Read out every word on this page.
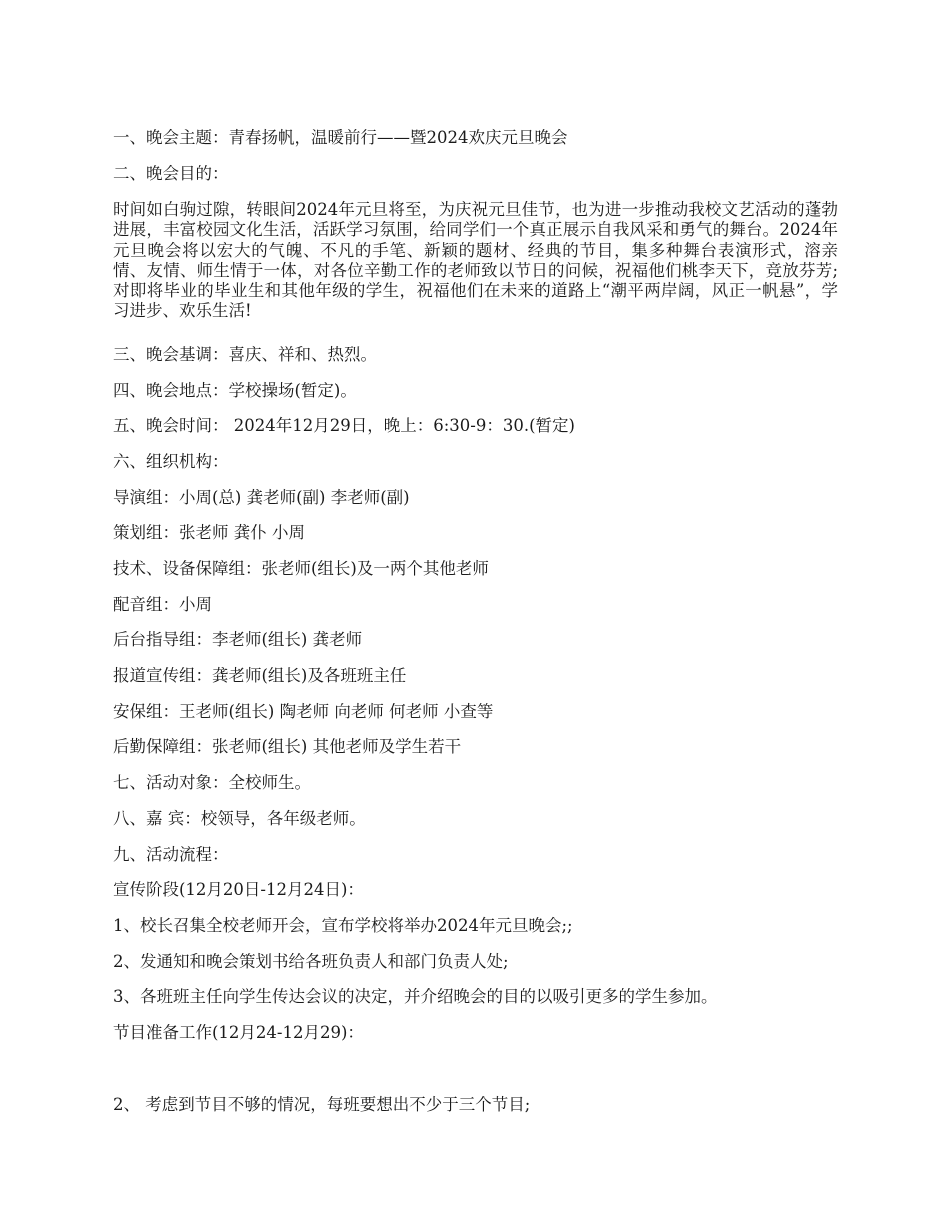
一、晚会主题：青春扬帆，温暖前行——暨2024欢庆元旦晚会
二、晚会目的：
时间如白驹过隙，转眼间2024年元旦将至，为庆祝元旦佳节，也为进一步推动我校文艺活动的蓬勃进展，丰富校园文化生活，活跃学习氛围，给同学们一个真正展示自我风采和勇气的舞台。2024年元旦晚会将以宏大的气魄、不凡的手笔、新颖的题材、经典的节目，集多种舞台表演形式，溶亲情、友情、师生情于一体，对各位辛勤工作的老师致以节日的问候，祝福他们桃李天下，竞放芬芳;对即将毕业的毕业生和其他年级的学生，祝福他们在未来的道路上“潮平两岸阔，风正一帆悬”，学习进步、欢乐生活!
三、晚会基调：喜庆、祥和、热烈。
四、晚会地点：学校操场(暂定)。
五、晚会时间： 2024年12月29日，晚上：6:30-9：30.(暂定)
六、组织机构：
导演组：小周(总) 龚老师(副) 李老师(副)
策划组：张老师 龚仆 小周
技术、设备保障组：张老师(组长)及一两个其他老师
配音组：小周
后台指导组：李老师(组长) 龚老师
报道宣传组：龚老师(组长)及各班班主任
安保组：王老师(组长) 陶老师 向老师 何老师 小查等
后勤保障组：张老师(组长) 其他老师及学生若干
七、活动对象：全校师生。
八、嘉 宾：校领导，各年级老师。
九、活动流程：
宣传阶段(12月20日-12月24日)：
1、校长召集全校老师开会，宣布学校将举办2024年元旦晚会;;
2、发通知和晚会策划书给各班负责人和部门负责人处;
3、各班班主任向学生传达会议的决定，并介绍晚会的目的以吸引更多的学生参加。
节目准备工作(12月24-12月29)：
2、 考虑到节目不够的情况，每班要想出不少于三个节目;
